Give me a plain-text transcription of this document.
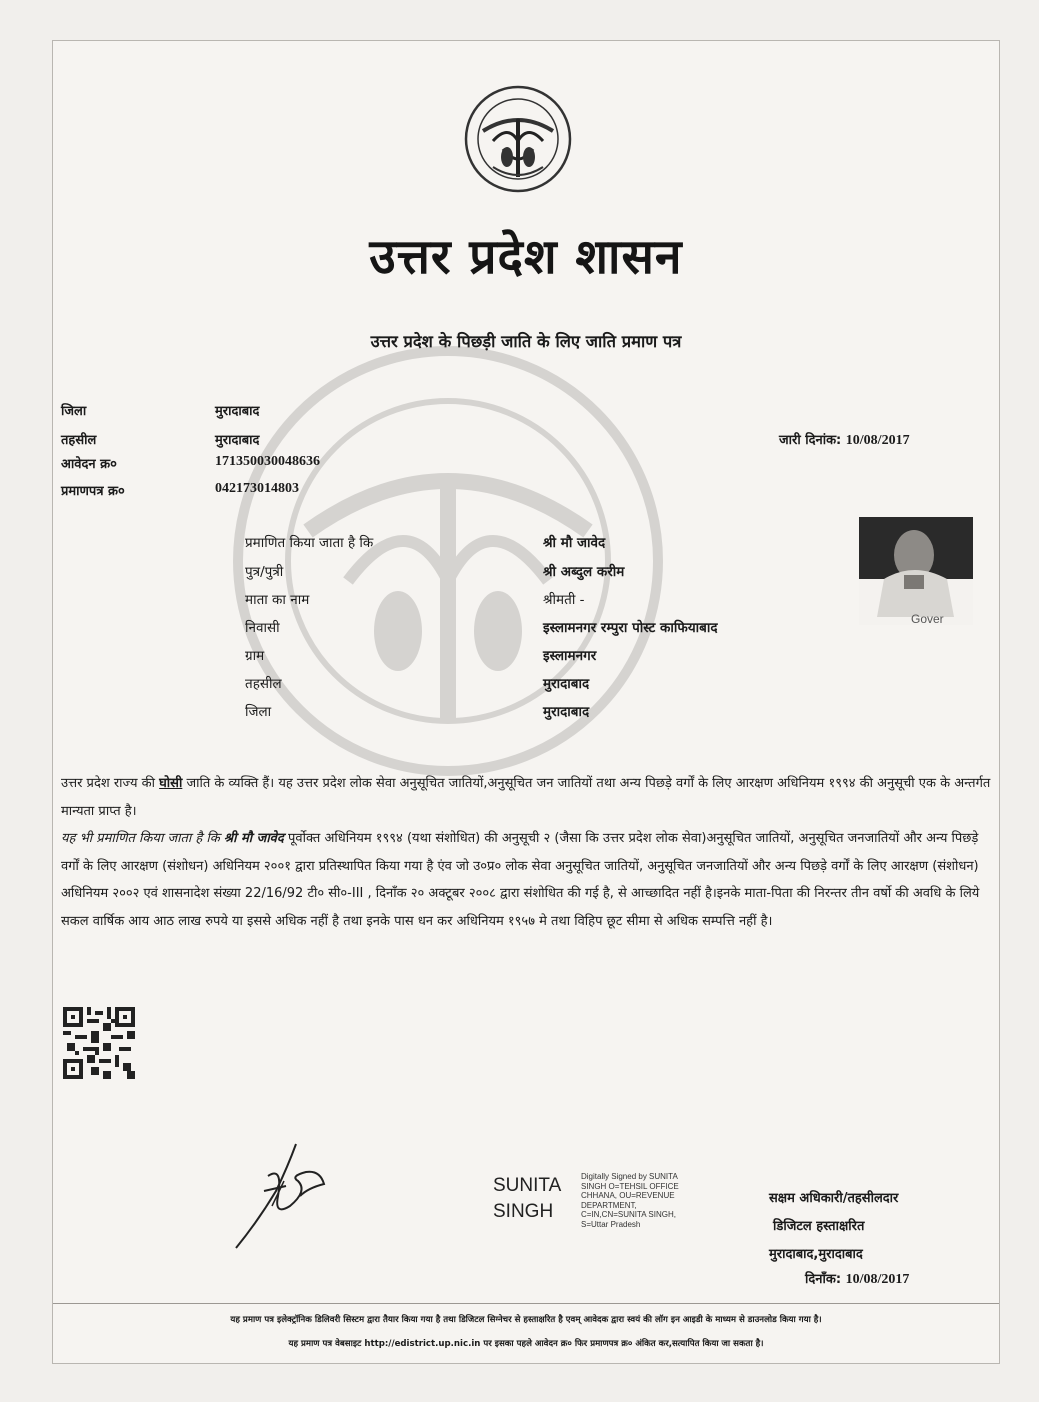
उत्तर प्रदेश शासन
उत्तर प्रदेश के पिछड़ी जाति के लिए जाति प्रमाण पत्र
जिला	मुरादाबाद
तहसील	मुरादाबाद
आवेदन क्र०	171350030048636
प्रमाणपत्र क्र०	042173014803
जारी दिनांक: 10/08/2017
प्रमाणित किया जाता है कि	श्री मौ जावेद
पुत्र/पुत्री	श्री अब्दुल करीम
माता का नाम	श्रीमती -
निवासी	इस्लामनगर रम्पुरा पोस्ट काफियाबाद
ग्राम	इस्लामनगर
तहसील	मुरादाबाद
जिला	मुरादाबाद
Gover
उत्तर प्रदेश राज्य की घोसी जाति के व्यक्ति हैं। यह उत्तर प्रदेश लोक सेवा अनुसूचित जातियों,अनुसूचित जन जातियों तथा अन्य पिछड़े वर्गों के लिए आरक्षण अधिनियम १९९४ की अनुसूची एक के अन्तर्गत मान्यता प्राप्त है।
यह भी प्रमाणित किया जाता है कि श्री मौ जावेद पूर्वोक्त अधिनियम १९९४ (यथा संशोधित) की अनुसूची २ (जैसा कि उत्तर प्रदेश लोक सेवा)अनुसूचित जातियों, अनुसूचित जनजातियों और अन्य पिछड़े वर्गों के लिए आरक्षण (संशोधन) अधिनियम २००१ द्वारा प्रतिस्थापित किया गया है एंव जो उ०प्र० लोक सेवा अनुसूचित जातियों, अनुसूचित जनजातियों और अन्य पिछड़े वर्गों के लिए आरक्षण (संशोधन) अधिनियम २००२ एवं शासनादेश संख्या 22/16/92 टी० सी०-III , दिनाँक २० अक्टूबर २००८ द्वारा संशोधित की गई है, से आच्छादित नहीं है।इनके माता-पिता की निरन्तर तीन वर्षो की अवधि के लिये सकल वार्षिक आय आठ लाख रुपये या इससे अधिक नहीं है तथा इनके पास धन कर अधिनियम १९५७ मे तथा विहिप छूट सीमा से अधिक सम्पत्ति नहीं है।
SUNITA
SINGH
Digitally Signed by SUNITA
SINGH O=TEHSIL OFFICE
CHHANA, OU=REVENUE
DEPARTMENT,
C=IN,CN=SUNITA SINGH,
S=Uttar Pradesh
सक्षम अधिकारी/तहसीलदार
डिजिटल हस्ताक्षरित
मुरादाबाद,मुरादाबाद
दिनाँक: 10/08/2017
यह प्रमाण पत्र इलेक्ट्रॉनिक डिलिवरी सिस्टम द्वारा तैयार किया गया है तथा डिजिटल सिग्नेचर से हस्ताक्षरित है एवम् आवेदक द्वारा स्वयं की लॉग इन आइडी के माध्यम से डाउनलोड किया गया है।
यह प्रमाण पत्र वेबसाइट http://edistrict.up.nic.in पर इसका पहले आवेदन क्र० फिर प्रमाणपत्र क्र० अंकित कर,सत्यापित किया जा सकता है।
